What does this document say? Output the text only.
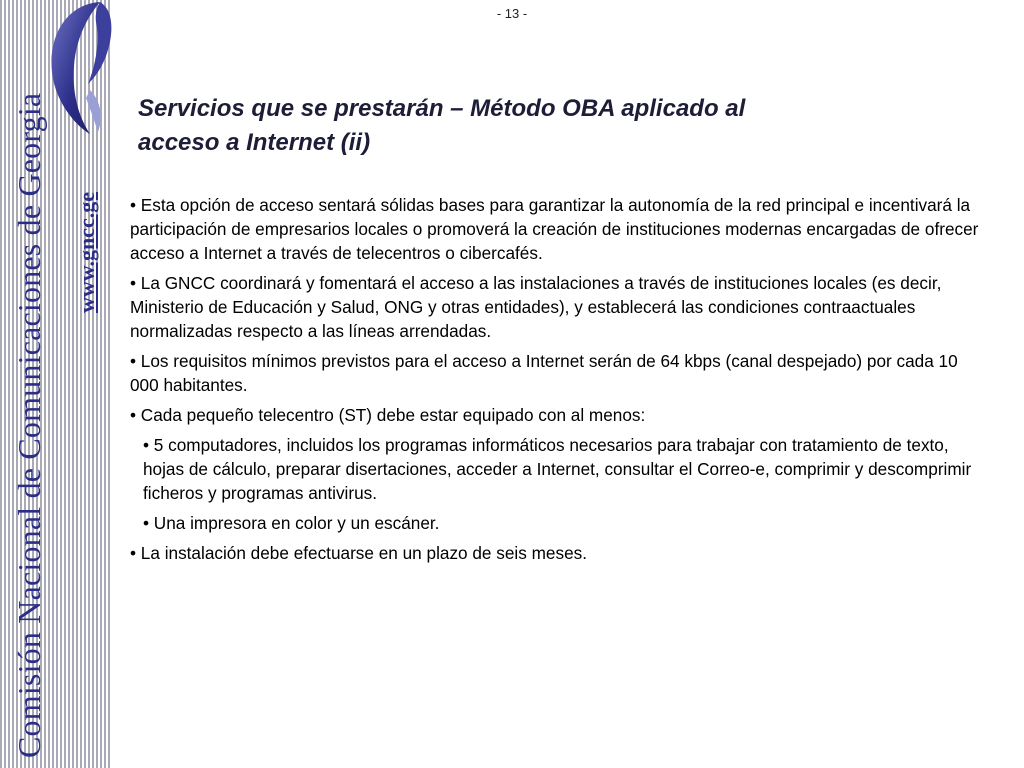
Comisión Nacional de Comunicaciones de Georgia www.gncc.ge
- 13 -
Servicios que se prestarán – Método OBA aplicado al
acceso a Internet (ii)

• Esta opción de acceso sentará sólidas bases para garantizar la autonomía de la red principal e incentivará la participación de empresarios locales o promoverá la creación de instituciones modernas encargadas de ofrecer acceso a Internet a través de telecentros o cibercafés.

• La GNCC coordinará y fomentará el acceso a las instalaciones a través de instituciones locales (es decir, Ministerio de Educación y Salud, ONG y otras entidades), y establecerá las condiciones contraactuales normalizadas respecto a las líneas arrendadas.

• Los requisitos mínimos previstos para el acceso a Internet serán de 64 kbps (canal despejado) por cada 10 000 habitantes.

• Cada pequeño telecentro (ST) debe estar equipado con al menos:

• 5 computadores, incluidos los programas informáticos necesarios para trabajar con tratamiento de texto, hojas de cálculo, preparar disertaciones, acceder a Internet, consultar el Correo-e, comprimir y descomprimir ficheros y programas antivirus.

• Una impresora en color y un escáner.

• La instalación debe efectuarse en un plazo de seis meses.
